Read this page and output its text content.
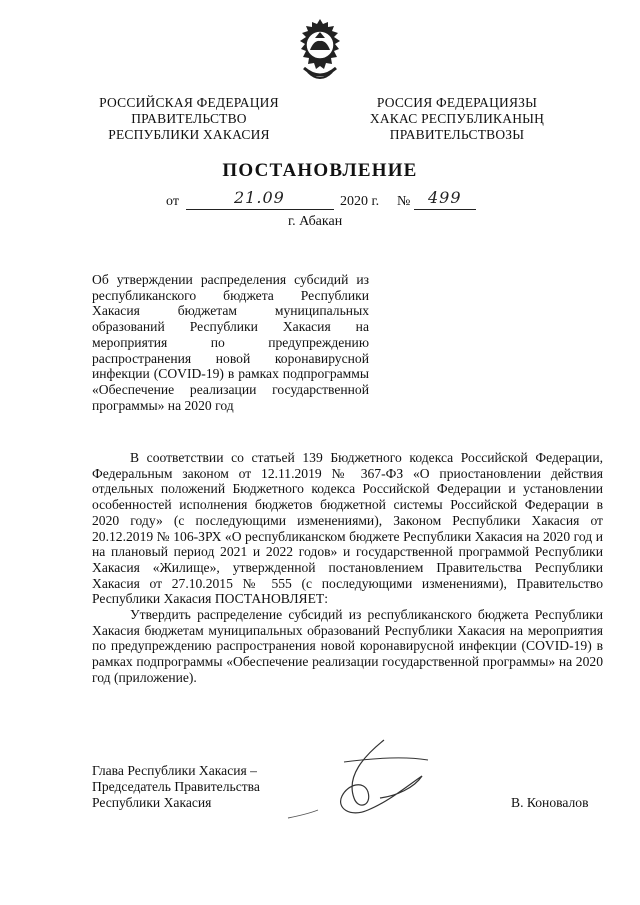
РОССИЙСКАЯ ФЕДЕРАЦИЯ
ПРАВИТЕЛЬСТВО
РЕСПУБЛИКИ ХАКАСИЯ
РОССИЯ ФЕДЕРАЦИЯЗЫ
ХАКАС РЕСПУБЛИКАНЫҢ
ПРАВИТЕЛЬСТВОЗЫ
ПОСТАНОВЛЕНИЕ
от	21.09	2020 г. № 499
г. Абакан
Об утверждении распределения субсидий из республиканского бюджета Республики Хакасия бюджетам муниципальных образований Республики Хакасия на мероприятия по предупреждению распространения новой коронавирусной инфекции (COVID-19) в рамках подпрограммы «Обеспечение реализации государственной программы» на 2020 год

В соответствии со статьей 139 Бюджетного кодекса Российской Федерации, Федеральным законом от 12.11.2019 № 367-ФЗ «О приостановлении действия отдельных положений Бюджетного кодекса Российской Федерации и установлении особенностей исполнения бюджетов бюджетной системы Российской Федерации в 2020 году» (с последующими изменениями), Законом Республики Хакасия от 20.12.2019 № 106-ЗРХ «О республиканском бюджете Республики Хакасия на 2020 год и на плановый период 2021 и 2022 годов» и государственной программой Республики Хакасия «Жилище», утвержденной постановлением Правительства Республики Хакасия от 27.10.2015 № 555 (с последующими изменениями), Правительство Республики Хакасия ПОСТАНОВЛЯЕТ:

Утвердить распределение субсидий из республиканского бюджета Республики Хакасия бюджетам муниципальных образований Республики Хакасия на мероприятия по предупреждению распространения новой коронавирусной инфекции (COVID-19) в рамках подпрограммы «Обеспечение реализации государственной программы» на 2020 год (приложение).

Глава Республики Хакасия –
Председатель Правительства
Республики Хакасия	В. Коновалов
